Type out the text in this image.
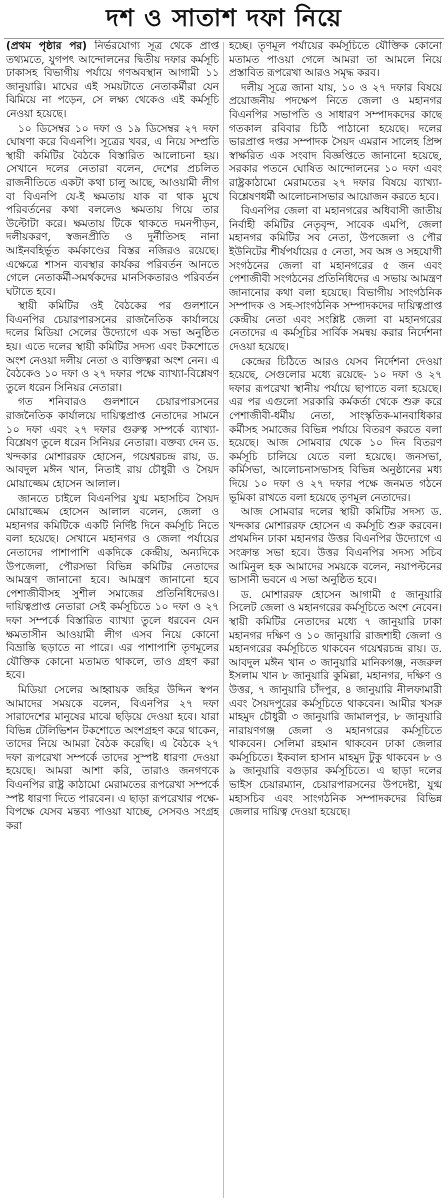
দশ ও সাতাশ দফা নিয়ে

(প্রথম পৃষ্ঠার পর) নির্ভরযোগ্য সূত্র থেকে প্রাপ্ত তথ্যমতে, যুগপৎ আন্দোলনের দ্বিতীয় দফার কর্মসূচি ঢাকাসহ বিভাগীয় পর্যায়ে গণঅবস্থান আগামী ১১ জানুয়ারি। মাঘের এই সময়টাতে নেতাকর্মীরা যেন ঝিমিয়ে না পড়েন, সে লক্ষ্য থেকেও এই কর্মসূচি নেওয়া হয়েছে।

১০ ডিসেম্বর ১০ দফা ও ১৯ ডিসেম্বর ২৭ দফা ঘোষণা করে বিএনপি। সূত্রের খবর, এ নিয়ে সম্প্রতি স্থায়ী কমিটির বৈঠকে বিস্তারিত আলোচনা হয়। সেখানে দলের নেতারা বলেন, দেশের প্রচলিত রাজনীতিতে একটা কথা চালু আছে, আওয়ামী লীগ বা বিএনপি যে-ই ক্ষমতায় যাক বা থাক মুখে পরিবর্তনের কথা বললেও ক্ষমতায় গিয়ে তার উল্টোটা করে। ক্ষমতায় টিকে থাকতে দমনপীড়ন, দলীয়করণ, স্বজনপ্রীতি ও দুর্নীতিসহ নানা আইনবহির্ভূত কর্মকাণ্ডের বিস্তর নজিরও রয়েছে। এক্ষেত্রে শাসন ব্যবস্থার কার্যকর পরিবর্তন আনতে গেলে নেতাকর্মী-সমর্থকদের মানসিকতারও পরিবর্তন ঘটাতে হবে।

স্থায়ী কমিটির ওই বৈঠকের পর গুলশানে বিএনপির চেয়ারপারসনের রাজনৈতিক কার্যালয়ে দলের মিডিয়া সেলের উদ্যোগে এক সভা অনুষ্ঠিত হয়। এতে দলের স্থায়ী কমিটির সদস্য এবং টকশোতে অংশ নেওয়া দলীয় নেতা ও ব্যক্তিত্বরা অংশ নেন। এ বৈঠকেও ১০ দফা ও ২৭ দফার পক্ষে ব্যাখ্যা-বিশ্লেষণ তুলে ধরেন সিনিয়র নেতারা।

গত শনিবারও গুলশানে চেয়ারপারসনের রাজনৈতিক কার্যালয়ে দায়িত্বপ্রাপ্ত নেতাদের সামনে ১০ দফা এবং ২৭ দফার গুরুত্ব সম্পর্কে ব্যাখ্যা-বিশ্লেষণ তুলে ধরেন সিনিয়র নেতারা। বক্তব্য দেন ড. খন্দকার মোশাররফ হোসেন, গয়েশ্বরচন্দ্র রায়, ড. আবদুল মঈন খান, নিতাই রায় চৌধুরী ও সৈয়দ মোয়াজ্জেম হোসেন আলাল।

জানতে চাইলে বিএনপির যুগ্ম মহাসচিব সৈয়দ মোয়াজ্জেম হোসেন আলাল বলেন, জেলা ও মহানগর কমিটিকে একটি নির্দিষ্ট দিনে কর্মসূচি নিতে বলা হয়েছে। সেখানে মহানগর ও জেলা পর্যায়ের নেতাদের পাশাপাশি একদিকে কেন্দ্রীয়, অন্যদিকে উপজেলা, পৌরসভা বিভিন্ন কমিটির নেতাদের আমন্ত্রণ জানানো হবে। আমন্ত্রণ জানানো হবে পেশাজীবীসহ সুশীল সমাজের প্রতিনিধিদেরও। দায়িত্বপ্রাপ্ত নেতারা সেই কর্মসূচিতে ১০ দফা ও ২৭ দফা সম্পর্কে বিস্তারিত ব্যাখ্যা তুলে ধরবেন যেন ক্ষমতাসীন আওয়ামী লীগ এসব নিয়ে কোনো বিভ্রান্তি ছড়াতে না পারে। এর পাশাপাশি তৃণমূলের যৌক্তিক কোনো মতামত থাকলে, তাও গ্রহণ করা হবে।

মিডিয়া সেলের আহ্বায়ক জহির উদ্দিন স্বপন আমাদের সময়কে বলেন, বিএনপির ২৭ দফা সারাদেশের মানুষের মাঝে ছড়িয়ে দেওয়া হবে। যারা বিভিন্ন টেলিভিশন টকশোতে অংশগ্রহণ করে থাকেন, তাদের নিয়ে আমরা বৈঠক করেছি। এ বৈঠকে ২৭ দফা রূপরেখা সম্পর্কে তাদের সুস্পষ্ট ধারণা দেওয়া হয়েছে। আমরা আশা করি, তারাও জনগণকে বিএনপির রাষ্ট্র কাঠামো মেরামতের রূপরেখা সম্পর্কে স্পষ্ট ধারণা দিতে পারবেন। এ ছাড়া রূপরেখার পক্ষে-বিপক্ষে যেসব মন্তব্য পাওয়া যাচ্ছে, সেসবও সংগ্রহ করা

হচ্ছে। তৃণমূল পর্যায়ের কর্মসূচিতে যৌক্তিক কোনো মতামত পাওয়া গেলে আমরা তা আমলে নিয়ে প্রস্তাবিত রূপরেখা আরও সমৃদ্ধ করব।

দলীয় সূত্রে জানা যায়, ১০ ও ২৭ দফার বিষয়ে প্রয়োজনীয় পদক্ষেপ নিতে জেলা ও মহানগর বিএনপির সভাপতি ও সাধারণ সম্পাদকদের কাছে গতকাল রবিবার চিঠি পাঠানো হয়েছে। দলের ভারপ্রাপ্ত দপ্তর সম্পাদক সৈয়দ এমরান সালেহ প্রিন্স স্বাক্ষরিত এক সংবাদ বিজ্ঞপ্তিতে জানানো হয়েছে, সরকার পতনে ঘোষিত আন্দোলনের ১০ দফা এবং রাষ্ট্রকাঠামো মেরামতের ২৭ দফার বিষয়ে ব্যাখ্যা-বিশ্লেষণধর্মী আলোচনাসভার আয়োজন করতে হবে।

বিএনপির জেলা বা মহানগরের অধিবাসী জাতীয় নির্বাহী কমিটির নেতৃবৃন্দ, সাবেক এমপি, জেলা মহানগর কমিটির সব নেতা, উপজেলা ও পৌর ইউনিটের শীর্ষপর্যায়ের ৫ নেতা, সব অঙ্গ ও সহযোগী সংগঠনের জেলা বা মহানগরের ৫ জন এবং পেশাজীবী সংগঠনের প্রতিনিধিদের এ সভায় আমন্ত্রণ জানানোর কথা বলা হয়েছে। বিভাগীয় সাংগঠনিক সম্পাদক ও সহ-সাংগঠনিক সম্পাদকদের দায়িত্বপ্রাপ্ত কেন্দ্রীয় নেতা এবং সংশ্লিষ্ট জেলা বা মহানগরের নেতাদের এ কর্মসূচির সার্বিক সমন্বয় করার নির্দেশনা দেওয়া হয়েছে।

কেন্দ্রের চিঠিতে আরও যেসব নির্দেশনা দেওয়া হয়েছে, সেগুলোর মধ্যে রয়েছে- ১০ দফা ও ২৭ দফার রূপরেখা স্থানীয় পর্যায়ে ছাপাতে বলা হয়েছে। এর পর এগুলো সরকারি কর্মকর্তা থেকে শুরু করে পেশাজীবী-ধর্মীয় নেতা, সাংস্কৃতিক-মানবাধিকার কর্মীসহ সমাজের বিভিন্ন পর্যায়ে বিতরণ করতে বলা হয়েছে। আজ সোমবার থেকে ১০ দিন বিতরণ কর্মসূচি চালিয়ে যেতে বলা হয়েছে। জনসভা, কর্মিসভা, আলোচনাসভাসহ বিভিন্ন অনুষ্ঠানের মধ্য দিয়ে ১০ দফা ও ২৭ দফার পক্ষে জনমত গঠনে ভূমিকা রাখতে বলা হয়েছে তৃণমূল নেতাদের।

আজ সোমবার দলের স্থায়ী কমিটির সদস্য ড. খন্দকার মোশাররফ হোসেন এ কর্মসূচি শুরু করবেন। প্রথমদিন ঢাকা মহানগর উত্তর বিএনপির উদ্যোগে এ সংক্রান্ত সভা হবে। উত্তর বিএনপির সদস্য সচিব আমিনুল হক আমাদের সময়কে বলেন, নয়াপল্টনের ভাসানী ভবনে এ সভা অনুষ্ঠিত হবে।

ড. মোশাররফ হোসেন আগামী ৫ জানুয়ারি সিলেট জেলা ও মহানগরের কর্মসূচিতে অংশ নেবেন। স্থায়ী কমিটির নেতাদের মধ্যে ৭ জানুয়ারি ঢাকা মহানগর দক্ষিণ ও ১০ জানুয়ারি রাজশাহী জেলা ও মহানগরের কর্মসূচিতে থাকবেন গয়েশ্বরচন্দ্র রায়। ড. আবদুল মঈন খান ৩ জানুয়ারি মানিকগঞ্জ, নজরুল ইসলাম খান ৮ জানুয়ারি কুমিল্লা, মহানগর, দক্ষিণ ও উত্তর, ৭ জানুয়ারি চাঁদপুর, ৪ জানুয়ারি নীলফামারী এবং সৈয়দপুরের কর্মসূচিতে থাকবেন। আমীর খসরু মাহমুদ চৌধুরী ৩ জানুয়ারি জামালপুর, ৮ জানুয়ারি নারায়ণগঞ্জ জেলা ও মহানগরের কর্মসূচিতে থাকবেন। সেলিমা রহমান থাকবেন ঢাকা জেলার কর্মসূচিতে। ইকবাল হাসান মাহমুদ টুকু থাকবেন ৮ ও ৯ জানুয়ারি বগুড়ার কর্মসূচিতে। এ ছাড়া দলের ভাইস চেয়ারম্যান, চেয়ারপারসনের উপদেষ্টা, যুগ্ম মহাসচিব এবং সাংগঠনিক সম্পাদকদের বিভিন্ন জেলার দায়িত্ব দেওয়া হয়েছে।
